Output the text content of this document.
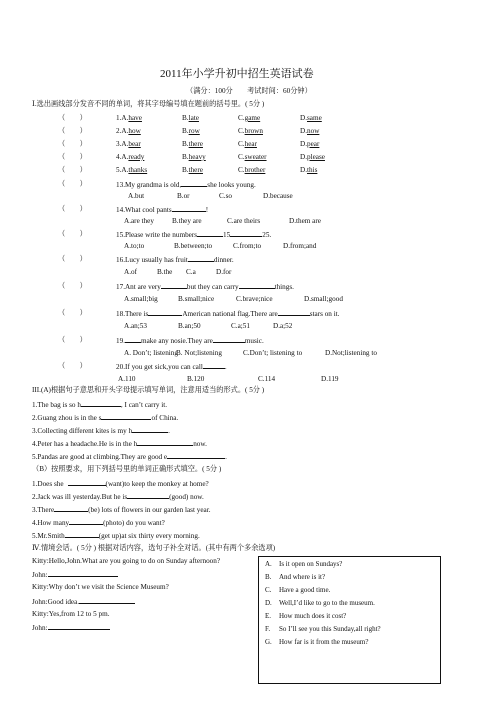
2011年小学升初中招生英语试卷
（满分：100分　　考试时间：60分钟）
Ⅰ.选出画线部分发音不同的单词，将其字母编号填在题前的括号里。( 5分 )
（　　）	1.A.have	B.late	C.game	D.same
（　　）	2.A.how	B.row	C.brown	D.now
（　　）	3.A.bear	B.there	C.hear	D.pear
（　　）	4.A.ready	B.heavy	C.sweater	D.please
（　　）	5.A.thanks	B.there	C.brother	D.this
（　　）	13.My grandma is old,	she looks young.
A.but	B.or	C.so	D.because
（　　）	14.What cool pants	!
A.are they	B.they are	C.are theirs	D.them are
（　　）	15.Please write the numbers	15	25.
A.to;to	B.between;to	C.from;to	D.from;and
（　　）	16.Lucy usually has fruit	dinner.
A.of	B.the C.a	D.for
（　　）	17.Ant are very	but they can carry	things.
A.small;big	B.small;nice	C.brave;nice	D.small;good
（　　）	18.There is	American national flag.There are	stars on it.
A.an;53	B.an;50	C.a;51	D.a;52
（　　）	19. make any nosie.They are	music.
A. Don’t; listening
B. Not;listening	C.Don’t; listening to	D.Not;listening to
（　　）	20.If you get sick,you can call	.
A.110	B.120	C.114	D.119
III.(A)根据句子意思和开头字母提示填写单词，注意用适当的形式。( 5分 )
1.The bag is so h	, I can’t carry it.
2.Guang zhou is in the s	of China.
3.Collecting different kites is my h	.
4.Peter has a headache.He is in the h	now.
5.Pandas are good at climbing.They are good e	.
（B）按照要求，用下列括号里的单词正确形式填空。( 5分 )
1.Does she	(want)to keep the monkey at home?
2.Jack was ill yesterday.But he is	(good) now.
3.There	(be) lots of flowers in our garden last year.
4.How many	(photo) do you want?
5.Mr.Smith	(get up)at six thirty every morning.
Ⅳ.情境会话。( 5分 ) 根据对话内容，选句子补全对话。(其中有两个多余选项)
Kitty:Hello,John.What are you going to do on Sunday afternoon?
John:
Kitty:Why don’t we visit the Science Museum?
John:Good idea.
Kitty:Yes,from 12 to 5 pm.
John:
A. Is it open on Sundays?
B. And where is it?
C. Have a good time.
D. Well,I’d like to go to the museum.
E. How much does it cost?
F. So I’ll see you this Sunday,all right?
G. How far is it from the museum?
